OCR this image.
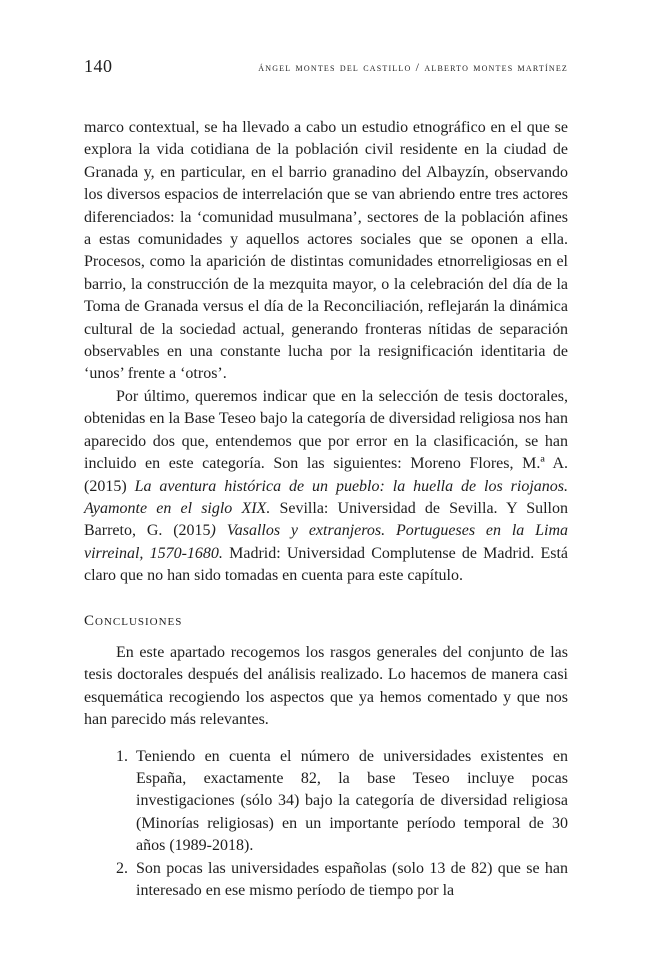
140	ángel montes del castillo / alberto montes martínez

marco contextual, se ha llevado a cabo un estudio etnográfico en el que se explora la vida cotidiana de la población civil residente en la ciudad de Granada y, en particular, en el barrio granadino del Albayzín, observando los diversos espacios de interrelación que se van abriendo entre tres actores diferenciados: la ‘comunidad musulmana’, sectores de la población afines a estas comunidades y aquellos actores sociales que se oponen a ella. Procesos, como la aparición de distintas comunidades etnorreligiosas en el barrio, la construcción de la mezquita mayor, o la celebración del día de la Toma de Granada versus el día de la Reconciliación, reflejarán la dinámica cultural de la sociedad actual, generando fronteras nítidas de separación observables en una constante lucha por la resignificación identitaria de ‘unos’ frente a ‘otros’.

Por último, queremos indicar que en la selección de tesis doctorales, obtenidas en la Base Teseo bajo la categoría de diversidad religiosa nos han aparecido dos que, entendemos que por error en la clasificación, se han incluido en este categoría. Son las siguientes: Moreno Flores, M.ª A. (2015) La aventura histórica de un pueblo: la huella de los riojanos. Ayamonte en el siglo XIX. Sevilla: Universidad de Sevilla. Y Sullon Barreto, G. (2015) Vasallos y extranjeros. Portugueses en la Lima virreinal, 1570-1680. Madrid: Universidad Complutense de Madrid. Está claro que no han sido tomadas en cuenta para este capítulo.

Conclusiones

En este apartado recogemos los rasgos generales del conjunto de las tesis doctorales después del análisis realizado. Lo hacemos de manera casi esquemática recogiendo los aspectos que ya hemos comentado y que nos han parecido más relevantes.

1. Teniendo en cuenta el número de universidades existentes en España, exactamente 82, la base Teseo incluye pocas investigaciones (sólo 34) bajo la categoría de diversidad religiosa (Minorías religiosas) en un importante período temporal de 30 años (1989-2018).
2. Son pocas las universidades españolas (solo 13 de 82) que se han interesado en ese mismo período de tiempo por la
